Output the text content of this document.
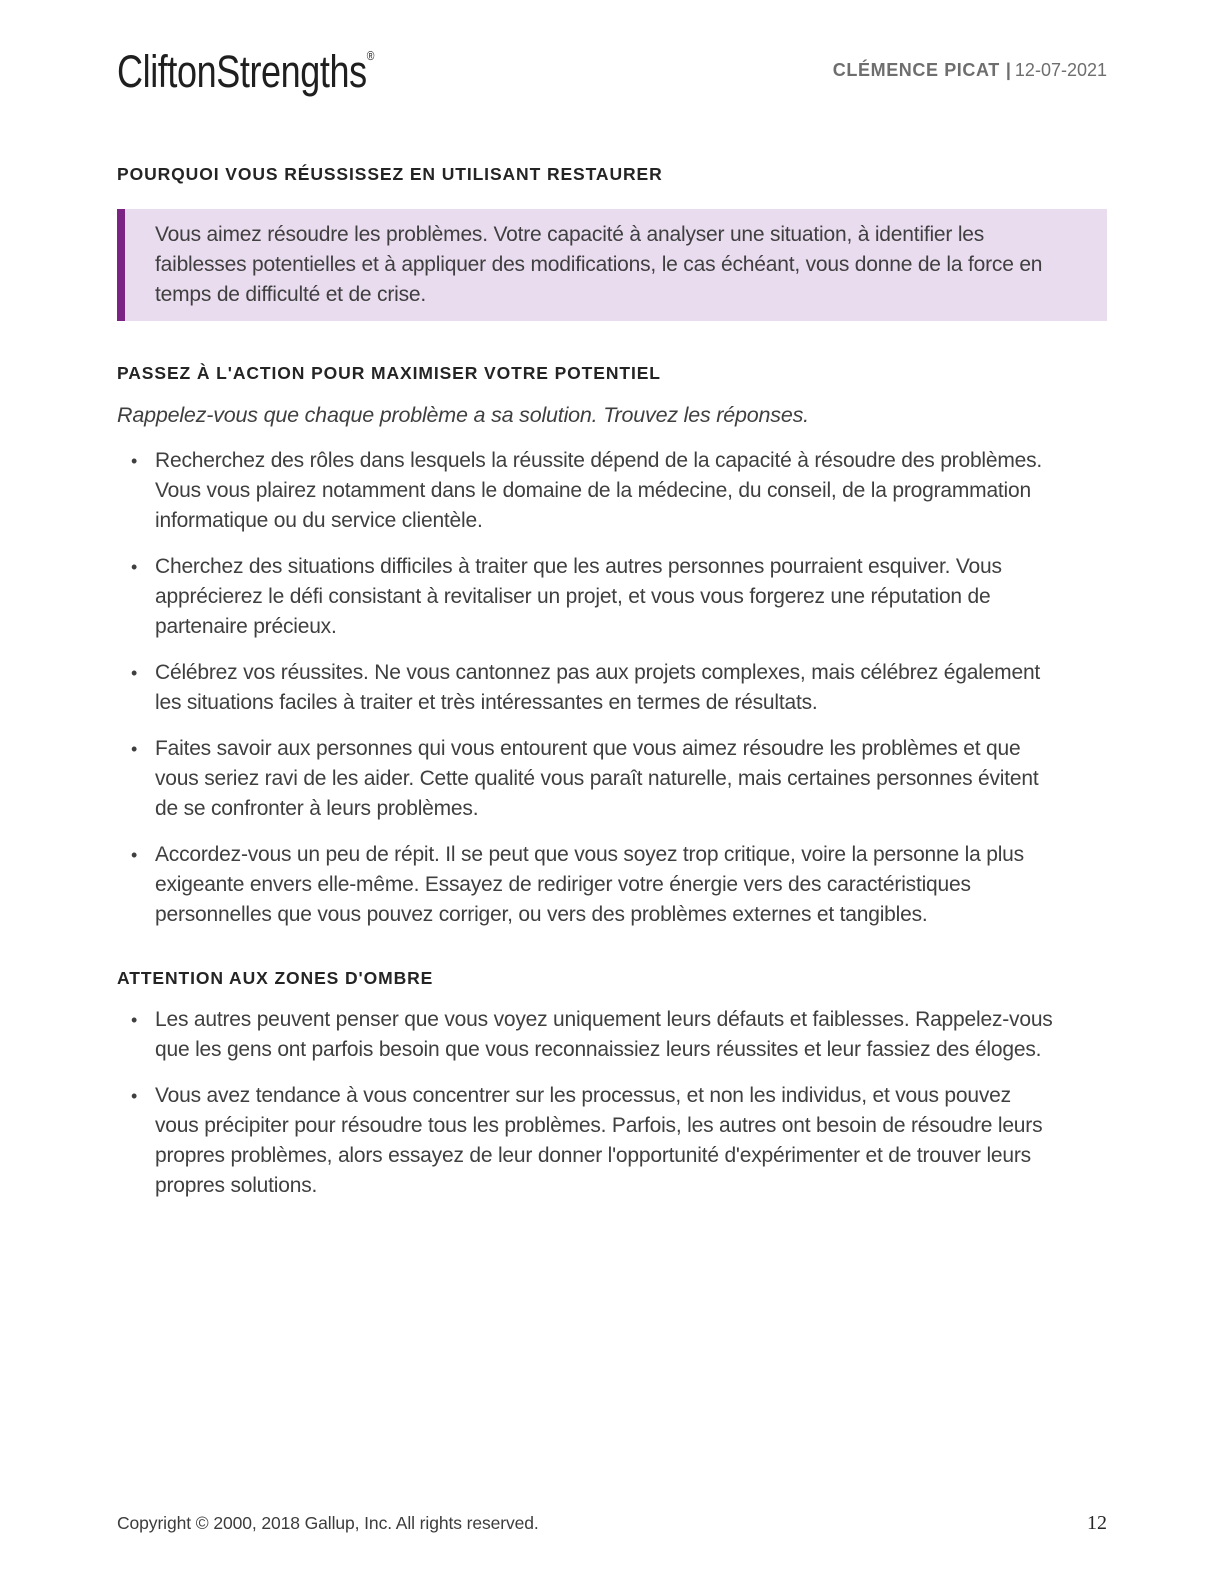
CliftonStrengths®
CLÉMENCE PICAT | 12-07-2021
POURQUOI VOUS RÉUSSISSEZ EN UTILISANT RESTAURER

Vous aimez résoudre les problèmes. Votre capacité à analyser une situation, à identifier les faiblesses potentielles et à appliquer des modifications, le cas échéant, vous donne de la force en temps de difficulté et de crise.

PASSEZ À L'ACTION POUR MAXIMISER VOTRE POTENTIEL

Rappelez-vous que chaque problème a sa solution. Trouvez les réponses.

• Recherchez des rôles dans lesquels la réussite dépend de la capacité à résoudre des problèmes. Vous vous plairez notamment dans le domaine de la médecine, du conseil, de la programmation informatique ou du service clientèle.
• Cherchez des situations difficiles à traiter que les autres personnes pourraient esquiver. Vous apprécierez le défi consistant à revitaliser un projet, et vous vous forgerez une réputation de partenaire précieux.
• Célébrez vos réussites. Ne vous cantonnez pas aux projets complexes, mais célébrez également les situations faciles à traiter et très intéressantes en termes de résultats.
• Faites savoir aux personnes qui vous entourent que vous aimez résoudre les problèmes et que vous seriez ravi de les aider. Cette qualité vous paraît naturelle, mais certaines personnes évitent de se confronter à leurs problèmes.
• Accordez-vous un peu de répit. Il se peut que vous soyez trop critique, voire la personne la plus exigeante envers elle-même. Essayez de rediriger votre énergie vers des caractéristiques personnelles que vous pouvez corriger, ou vers des problèmes externes et tangibles.
ATTENTION AUX ZONES D'OMBRE
• Les autres peuvent penser que vous voyez uniquement leurs défauts et faiblesses. Rappelez-vous que les gens ont parfois besoin que vous reconnaissiez leurs réussites et leur fassiez des éloges.
• Vous avez tendance à vous concentrer sur les processus, et non les individus, et vous pouvez vous précipiter pour résoudre tous les problèmes. Parfois, les autres ont besoin de résoudre leurs propres problèmes, alors essayez de leur donner l'opportunité d'expérimenter et de trouver leurs propres solutions.
Copyright © 2000, 2018 Gallup, Inc. All rights reserved.	12
